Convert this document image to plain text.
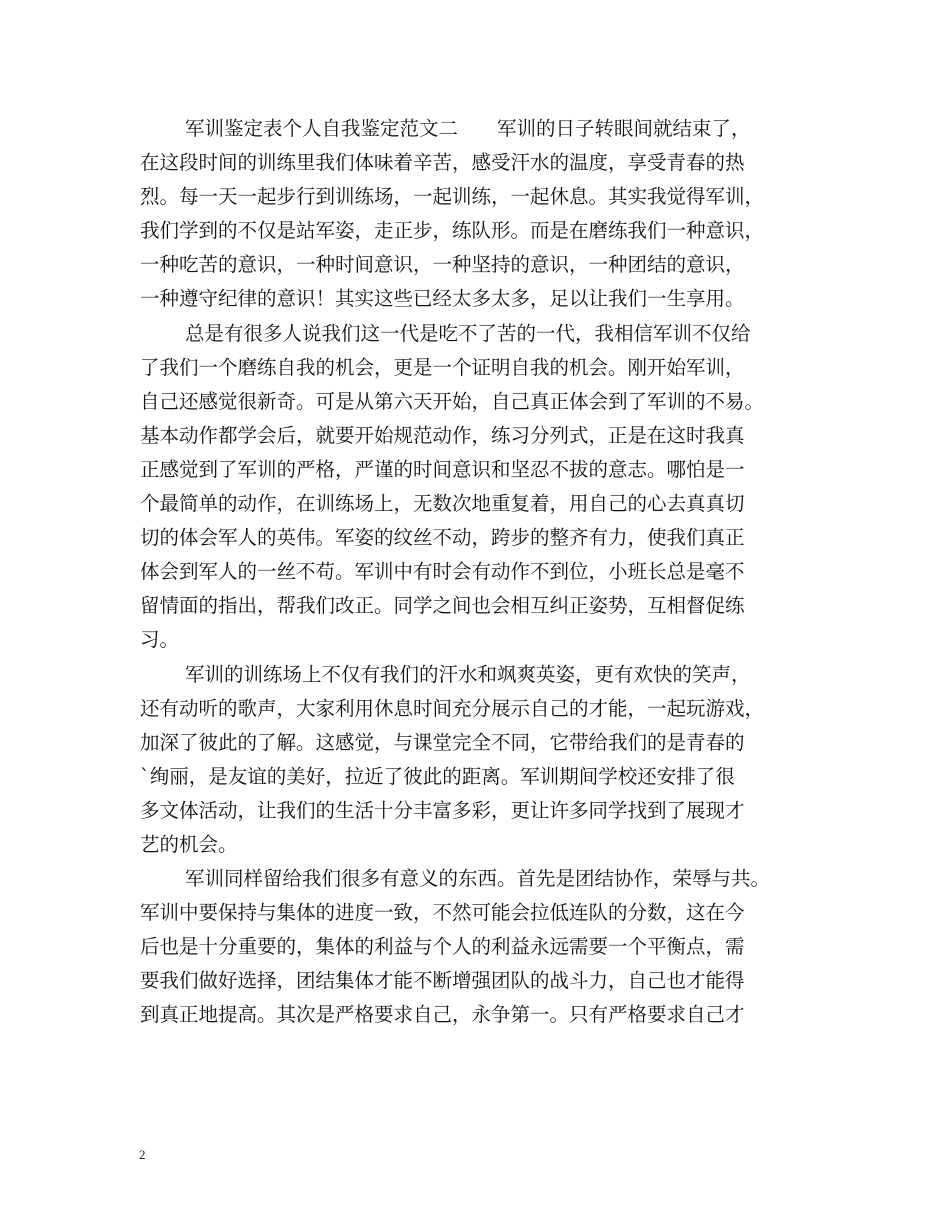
军训鉴定表个人自我鉴定范文二　　军训的日子转眼间就结束了，
在这段时间的训练里我们体味着辛苦，感受汗水的温度，享受青春的热
烈。每一天一起步行到训练场，一起训练，一起休息。其实我觉得军训，
我们学到的不仅是站军姿，走正步，练队形。而是在磨练我们一种意识，
一种吃苦的意识，一种时间意识，一种坚持的意识，一种团结的意识，
一种遵守纪律的意识！其实这些已经太多太多，足以让我们一生享用。
总是有很多人说我们这一代是吃不了苦的一代，我相信军训不仅给
了我们一个磨练自我的机会，更是一个证明自我的机会。刚开始军训，
自己还感觉很新奇。可是从第六天开始，自己真正体会到了军训的不易。
基本动作都学会后，就要开始规范动作，练习分列式，正是在这时我真
正感觉到了军训的严格，严谨的时间意识和坚忍不拔的意志。哪怕是一
个最简单的动作，在训练场上，无数次地重复着，用自己的心去真真切
切的体会军人的英伟。军姿的纹丝不动，跨步的整齐有力，使我们真正
体会到军人的一丝不苟。军训中有时会有动作不到位，小班长总是毫不
留情面的指出，帮我们改正。同学之间也会相互纠正姿势，互相督促练
习。
军训的训练场上不仅有我们的汗水和飒爽英姿，更有欢快的笑声，
还有动听的歌声，大家利用休息时间充分展示自己的才能，一起玩游戏，
加深了彼此的了解。这感觉，与课堂完全不同，它带给我们的是青春的
`绚丽，是友谊的美好，拉近了彼此的距离。军训期间学校还安排了很
多文体活动，让我们的生活十分丰富多彩，更让许多同学找到了展现才
艺的机会。
军训同样留给我们很多有意义的东西。首先是团结协作，荣辱与共。
军训中要保持与集体的进度一致，不然可能会拉低连队的分数，这在今
后也是十分重要的，集体的利益与个人的利益永远需要一个平衡点，需
要我们做好选择，团结集体才能不断增强团队的战斗力，自己也才能得
到真正地提高。其次是严格要求自己，永争第一。只有严格要求自己才
2
